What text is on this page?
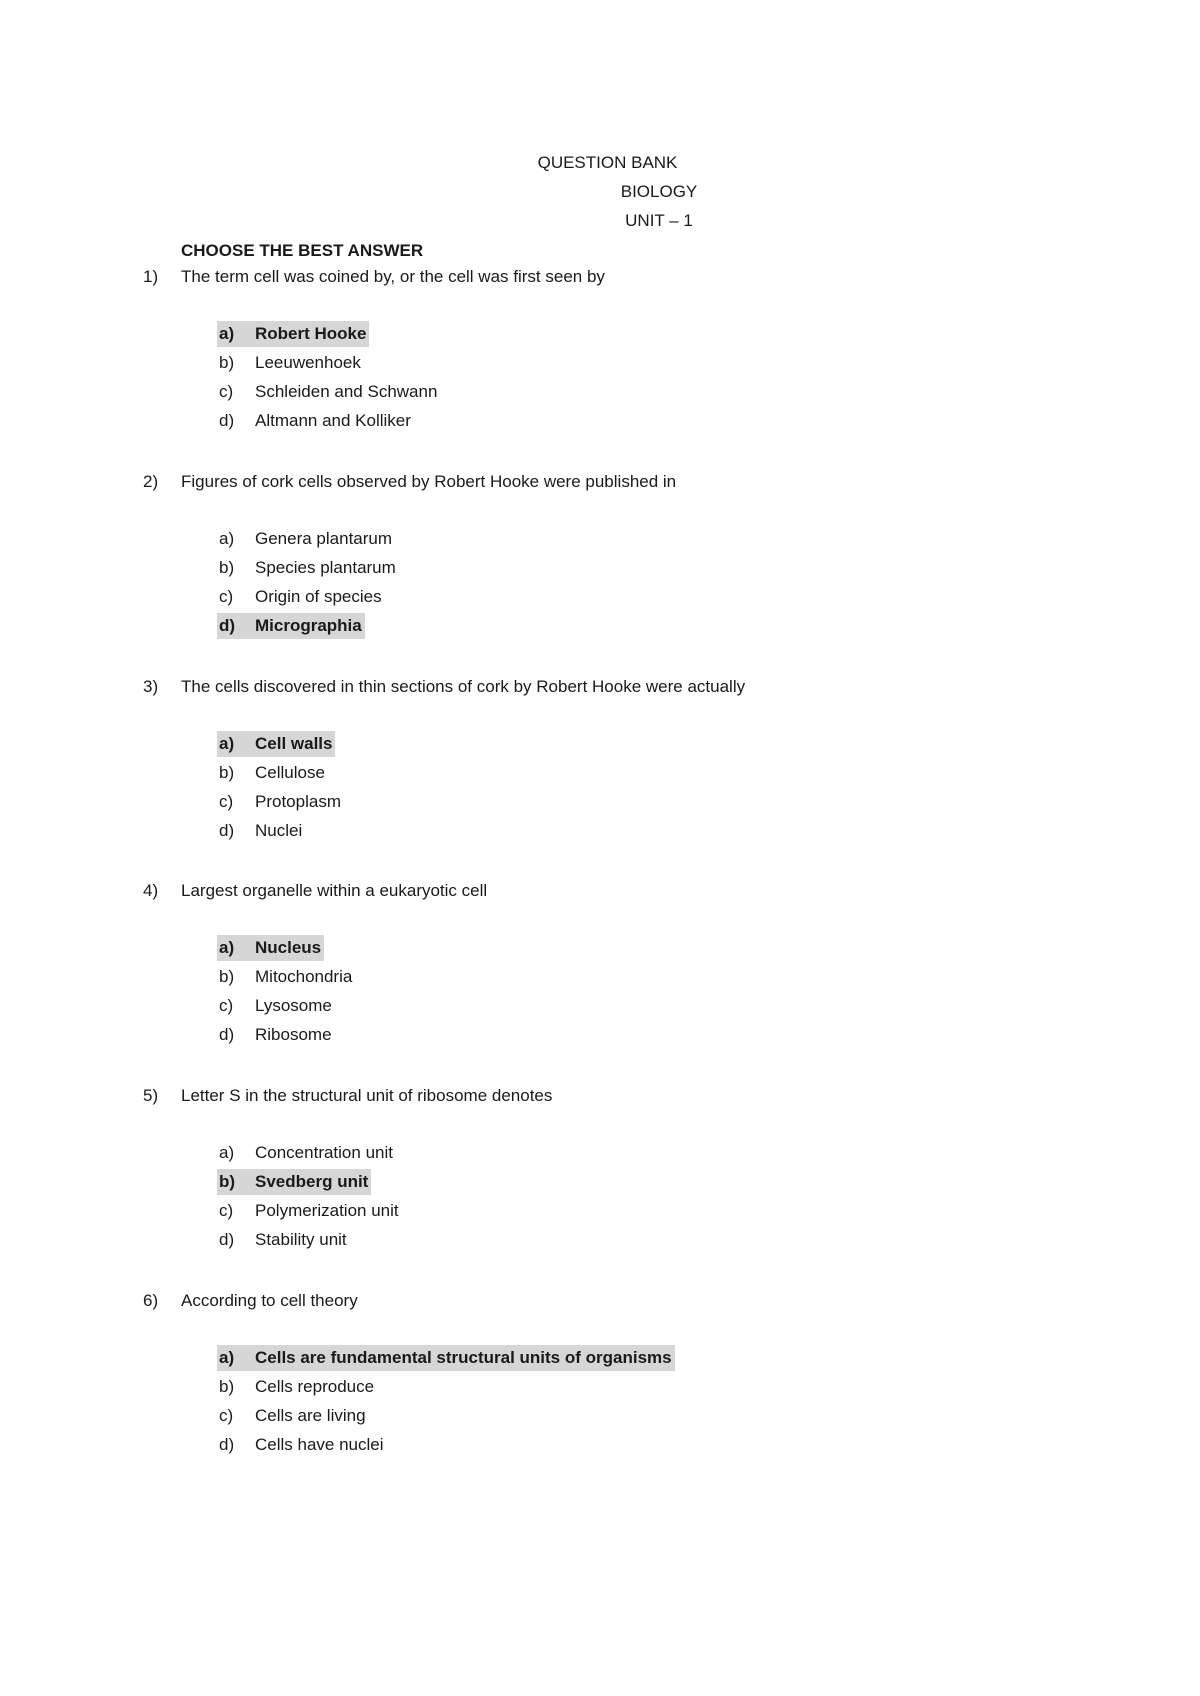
QUESTION BANK
BIOLOGY
UNIT – 1
CHOOSE THE BEST ANSWER
1) The term cell was coined by, or the cell was first seen by
a) Robert Hooke
b) Leeuwenhoek
c) Schleiden and Schwann
d) Altmann and Kolliker
2) Figures of cork cells observed by Robert Hooke were published in
a) Genera plantarum
b) Species plantarum
c) Origin of species
d) Micrographia
3) The cells discovered in thin sections of cork by Robert Hooke were actually
a) Cell walls
b) Cellulose
c) Protoplasm
d) Nuclei
4) Largest organelle within a eukaryotic cell
a) Nucleus
b) Mitochondria
c) Lysosome
d) Ribosome
5) Letter S in the structural unit of ribosome denotes
a) Concentration unit
b) Svedberg unit
c) Polymerization unit
d) Stability unit
6) According to cell theory
a) Cells are fundamental structural units of organisms
b) Cells reproduce
c) Cells are living
d) Cells have nuclei
